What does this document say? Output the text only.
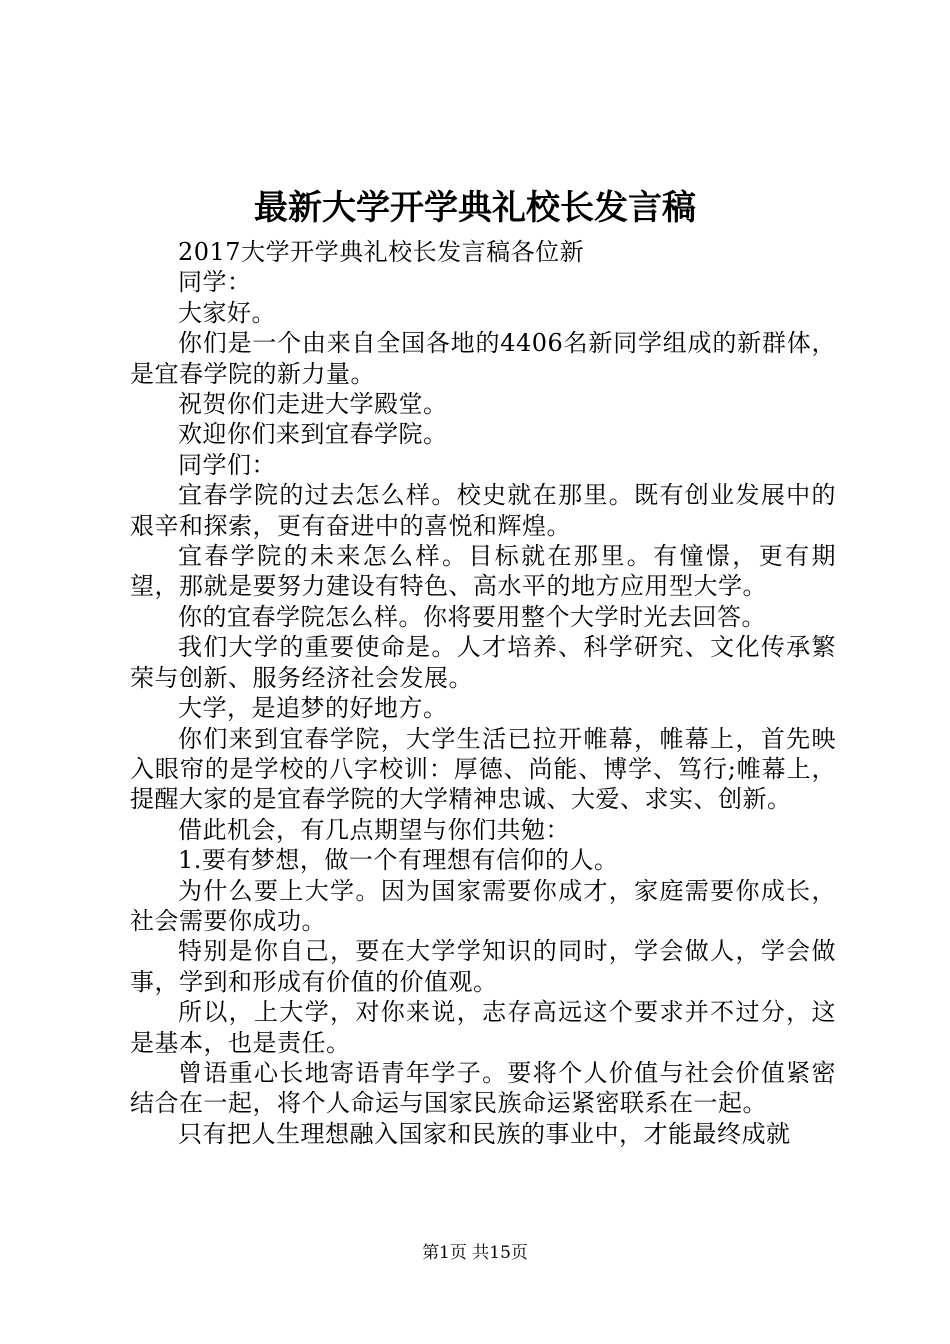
最新大学开学典礼校长发言稿

2017大学开学典礼校长发言稿各位新

同学：

大家好。

你们是一个由来自全国各地的4406名新同学组成的新群体，是宜春学院的新力量。

祝贺你们走进大学殿堂。

欢迎你们来到宜春学院。

同学们：

宜春学院的过去怎么样。校史就在那里。既有创业发展中的艰辛和探索，更有奋进中的喜悦和辉煌。

宜春学院的未来怎么样。目标就在那里。有憧憬，更有期望，那就是要努力建设有特色、高水平的地方应用型大学。

你的宜春学院怎么样。你将要用整个大学时光去回答。

我们大学的重要使命是。人才培养、科学研究、文化传承繁荣与创新、服务经济社会发展。

大学，是追梦的好地方。

你们来到宜春学院，大学生活已拉开帷幕，帷幕上，首先映入眼帘的是学校的八字校训：厚德、尚能、博学、笃行;帷幕上，提醒大家的是宜春学院的大学精神忠诚、大爱、求实、创新。

借此机会，有几点期望与你们共勉：

1.要有梦想，做一个有理想有信仰的人。

为什么要上大学。因为国家需要你成才，家庭需要你成长，社会需要你成功。

特别是你自己，要在大学学知识的同时，学会做人，学会做事，学到和形成有价值的价值观。

所以，上大学，对你来说，志存高远这个要求并不过分，这是基本，也是责任。

曾语重心长地寄语青年学子。要将个人价值与社会价值紧密结合在一起，将个人命运与国家民族命运紧密联系在一起。

只有把人生理想融入国家和民族的事业中，才能最终成就

第1页 共15页
